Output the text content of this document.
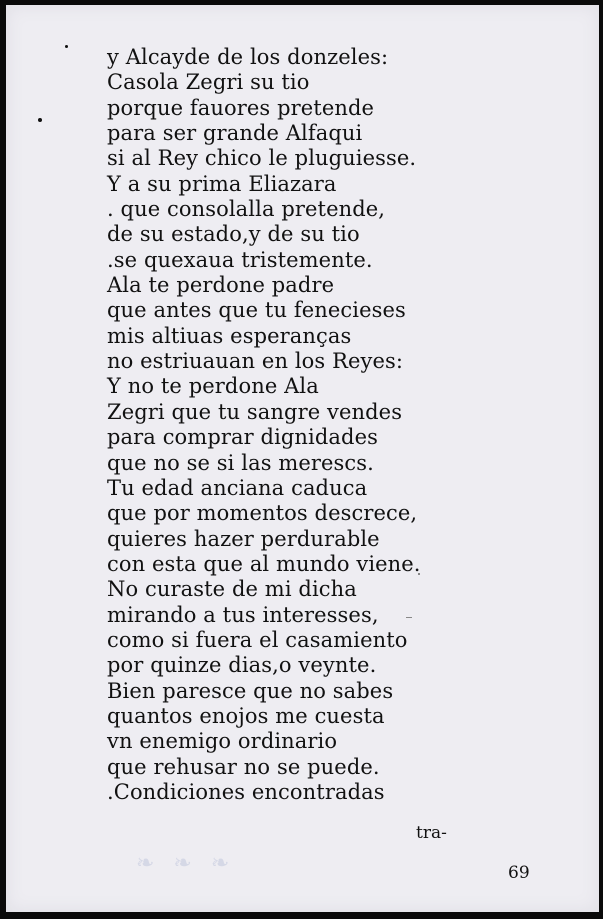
❧ ❧ ❧
y Alcayde de los donzeles:
Casola Zegri su tio
porque fauores pretende
para ser grande Alfaqui
si al Rey chico le pluguiesse.
Y a su prima Eliazara
. que consolalla pretende,
de su estado,y de su tio
.se quexaua tristemente.
Ala te perdone padre
que antes que tu fenecieses
mis altiuas esperanças
no estriuauan en los Reyes:
Y no te perdone Ala
Zegri que tu sangre vendes
para comprar dignidades
que no se si las merescs.
Tu edad anciana caduca
que por momentos descrece,
quieres hazer perdurable
con esta que al mundo viene.
No curaste de mi dicha
mirando a tus interesses,
como si fuera el casamiento
por quinze dias,o veynte.
Bien paresce que no sabes
quantos enojos me cuesta
vn enemigo ordinario
que rehusar no se puede.
.Condiciones encontradas
tra-
69
